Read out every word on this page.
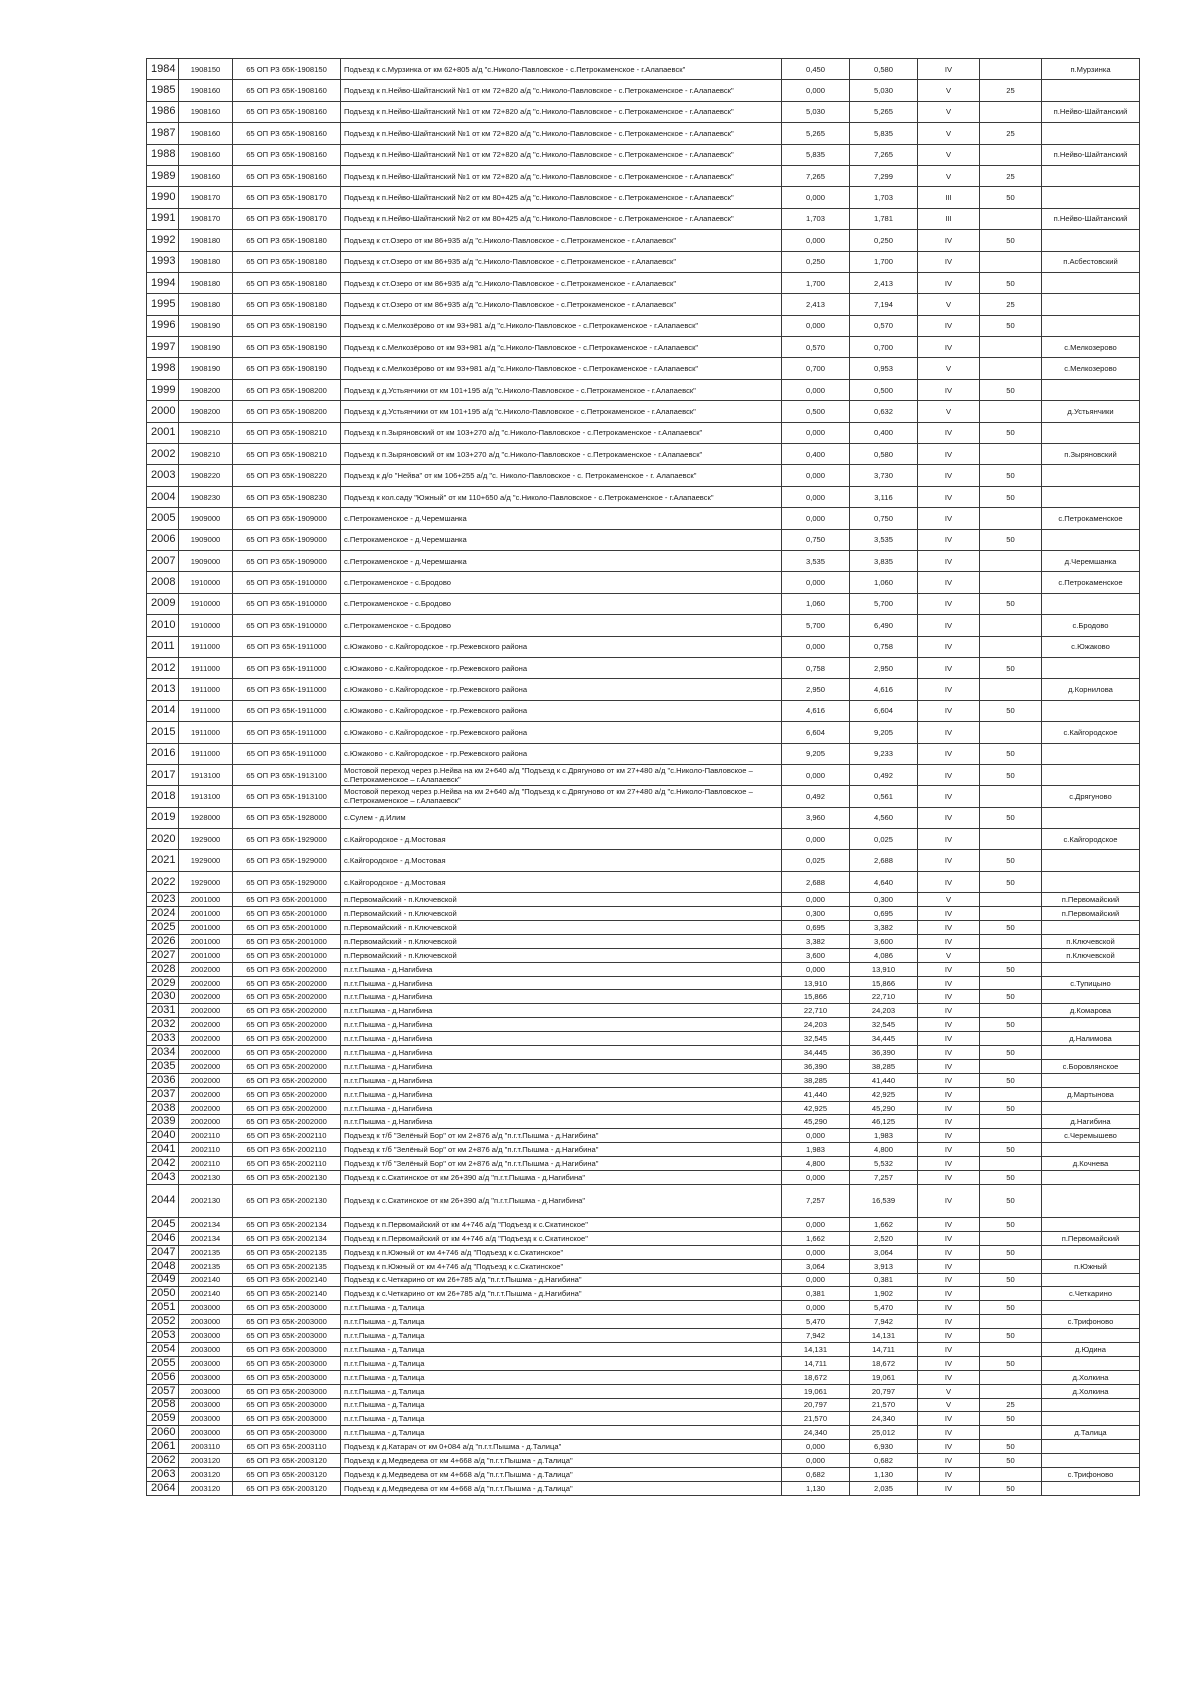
1984	1908150	65 ОП РЗ 65К-1908150	Подъезд к с.Мурзинка от км 62+805 а/д "с.Николо-Павловское - с.Петрокаменское - г.Алапаевск"	0,450	0,580	IV		п.Мурзинка
1985	1908160	65 ОП РЗ 65К-1908160	Подъезд к п.Нейво-Шайтанский №1 от км 72+820 а/д "с.Николо-Павловское - с.Петрокаменское - г.Алапаевск"	0,000	5,030	V	25	
1986	1908160	65 ОП РЗ 65К-1908160	Подъезд к п.Нейво-Шайтанский №1 от км 72+820 а/д "с.Николо-Павловское - с.Петрокаменское - г.Алапаевск"	5,030	5,265	V		п.Нейво-Шайтанский
1987	1908160	65 ОП РЗ 65К-1908160	Подъезд к п.Нейво-Шайтанский №1 от км 72+820 а/д "с.Николо-Павловское - с.Петрокаменское - г.Алапаевск"	5,265	5,835	V	25	
1988	1908160	65 ОП РЗ 65К-1908160	Подъезд к п.Нейво-Шайтанский №1 от км 72+820 а/д "с.Николо-Павловское - с.Петрокаменское - г.Алапаевск"	5,835	7,265	V		п.Нейво-Шайтанский
1989	1908160	65 ОП РЗ 65К-1908160	Подъезд к п.Нейво-Шайтанский №1 от км 72+820 а/д "с.Николо-Павловское - с.Петрокаменское - г.Алапаевск"	7,265	7,299	V	25	
1990	1908170	65 ОП РЗ 65К-1908170	Подъезд к п.Нейво-Шайтанский №2 от км 80+425 а/д "с.Николо-Павловское - с.Петрокаменское - г.Алапаевск"	0,000	1,703	III	50	
1991	1908170	65 ОП РЗ 65К-1908170	Подъезд к п.Нейво-Шайтанский №2 от км 80+425 а/д "с.Николо-Павловское - с.Петрокаменское - г.Алапаевск"	1,703	1,781	III		п.Нейво-Шайтанский
1992	1908180	65 ОП РЗ 65К-1908180	Подъезд к ст.Озеро от км 86+935 а/д "с.Николо-Павловское - с.Петрокаменское - г.Алапаевск"	0,000	0,250	IV	50	
1993	1908180	65 ОП РЗ 65К-1908180	Подъезд к ст.Озеро от км 86+935 а/д "с.Николо-Павловское - с.Петрокаменское - г.Алапаевск"	0,250	1,700	IV		п.Асбестовский
1994	1908180	65 ОП РЗ 65К-1908180	Подъезд к ст.Озеро от км 86+935 а/д "с.Николо-Павловское - с.Петрокаменское - г.Алапаевск"	1,700	2,413	IV	50	
1995	1908180	65 ОП РЗ 65К-1908180	Подъезд к ст.Озеро от км 86+935 а/д "с.Николо-Павловское - с.Петрокаменское - г.Алапаевск"	2,413	7,194	V	25	
1996	1908190	65 ОП РЗ 65К-1908190	Подъезд к с.Мелкозёрово от км 93+981 а/д "с.Николо-Павловское - с.Петрокаменское - г.Алапаевск"	0,000	0,570	IV	50	
1997	1908190	65 ОП РЗ 65К-1908190	Подъезд к с.Мелкозёрово от км 93+981 а/д "с.Николо-Павловское - с.Петрокаменское - г.Алапаевск"	0,570	0,700	IV		с.Мелкозерово
1998	1908190	65 ОП РЗ 65К-1908190	Подъезд к с.Мелкозёрово от км 93+981 а/д "с.Николо-Павловское - с.Петрокаменское - г.Алапаевск"	0,700	0,953	V		с.Мелкозерово
1999	1908200	65 ОП РЗ 65К-1908200	Подъезд к д.Устьянчики от км 101+195 а/д "с.Николо-Павловское - с.Петрокаменское - г.Алапаевск"	0,000	0,500	IV	50	
2000	1908200	65 ОП РЗ 65К-1908200	Подъезд к д.Устьянчики от км 101+195 а/д "с.Николо-Павловское - с.Петрокаменское - г.Алапаевск"	0,500	0,632	V		д.Устьянчики
2001	1908210	65 ОП РЗ 65К-1908210	Подъезд к п.Зыряновский от км 103+270 а/д "с.Николо-Павловское - с.Петрокаменское - г.Алапаевск"	0,000	0,400	IV	50	
2002	1908210	65 ОП РЗ 65К-1908210	Подъезд к п.Зыряновский от км 103+270 а/д "с.Николо-Павловское - с.Петрокаменское - г.Алапаевск"	0,400	0,580	IV		п.Зыряновский
2003	1908220	65 ОП РЗ 65К-1908220	Подъезд к д/о "Нейва" от км 106+255 а/д "с. Николо-Павловское - с. Петрокаменское - г. Алапаевск"	0,000	3,730	IV	50	
2004	1908230	65 ОП РЗ 65К-1908230	Подъезд к кол.саду "Южный" от км 110+650 а/д "с.Николо-Павловское - с.Петрокаменское - г.Алапаевск"	0,000	3,116	IV	50	
2005	1909000	65 ОП РЗ 65К-1909000	с.Петрокаменское - д.Черемшанка	0,000	0,750	IV		с.Петрокаменское
2006	1909000	65 ОП РЗ 65К-1909000	с.Петрокаменское - д.Черемшанка	0,750	3,535	IV	50	
2007	1909000	65 ОП РЗ 65К-1909000	с.Петрокаменское - д.Черемшанка	3,535	3,835	IV		д.Черемшанка
2008	1910000	65 ОП РЗ 65К-1910000	с.Петрокаменское - с.Бродово	0,000	1,060	IV		с.Петрокаменское
2009	1910000	65 ОП РЗ 65К-1910000	с.Петрокаменское - с.Бродово	1,060	5,700	IV	50	
2010	1910000	65 ОП РЗ 65К-1910000	с.Петрокаменское - с.Бродово	5,700	6,490	IV		с.Бродово
2011	1911000	65 ОП РЗ 65К-1911000	с.Южаково - с.Кайгородское - гр.Режевского района	0,000	0,758	IV		с.Южаково
2012	1911000	65 ОП РЗ 65К-1911000	с.Южаково - с.Кайгородское - гр.Режевского района	0,758	2,950	IV	50	
2013	1911000	65 ОП РЗ 65К-1911000	с.Южаково - с.Кайгородское - гр.Режевского района	2,950	4,616	IV		д.Корнилова
2014	1911000	65 ОП РЗ 65К-1911000	с.Южаково - с.Кайгородское - гр.Режевского района	4,616	6,604	IV	50	
2015	1911000	65 ОП РЗ 65К-1911000	с.Южаково - с.Кайгородское - гр.Режевского района	6,604	9,205	IV		с.Кайгородское
2016	1911000	65 ОП РЗ 65К-1911000	с.Южаково - с.Кайгородское - гр.Режевского района	9,205	9,233	IV	50	
2017	1913100	65 ОП РЗ 65К-1913100	Мостовой переход через р.Нейва на км 2+640 а/д "Подъезд к с.Дрягуново от км 27+480 а/д "с.Николо-Павловское – с.Петрокаменское – г.Алапаевск"	0,000	0,492	IV	50	
2018	1913100	65 ОП РЗ 65К-1913100	Мостовой переход через р.Нейва на км 2+640 а/д "Подъезд к с.Дрягуново от км 27+480 а/д "с.Николо-Павловское – с.Петрокаменское – г.Алапаевск"	0,492	0,561	IV		с.Дрягуново
2019	1928000	65 ОП РЗ 65К-1928000	с.Сулем - д.Илим	3,960	4,560	IV	50	
2020	1929000	65 ОП РЗ 65К-1929000	с.Кайгородское - д.Мостовая	0,000	0,025	IV		с.Кайгородское
2021	1929000	65 ОП РЗ 65К-1929000	с.Кайгородское - д.Мостовая	0,025	2,688	IV	50	
2022	1929000	65 ОП РЗ 65К-1929000	с.Кайгородское - д.Мостовая	2,688	4,640	IV	50	
2023	2001000	65 ОП РЗ 65К-2001000	п.Первомайский - п.Ключевской	0,000	0,300	V		п.Первомайский
2024	2001000	65 ОП РЗ 65К-2001000	п.Первомайский - п.Ключевской	0,300	0,695	IV		п.Первомайский
2025	2001000	65 ОП РЗ 65К-2001000	п.Первомайский - п.Ключевской	0,695	3,382	IV	50	
2026	2001000	65 ОП РЗ 65К-2001000	п.Первомайский - п.Ключевской	3,382	3,600	IV		п.Ключевской
2027	2001000	65 ОП РЗ 65К-2001000	п.Первомайский - п.Ключевской	3,600	4,086	V		п.Ключевской
2028	2002000	65 ОП РЗ 65К-2002000	п.г.т.Пышма - д.Нагибина	0,000	13,910	IV	50	
2029	2002000	65 ОП РЗ 65К-2002000	п.г.т.Пышма - д.Нагибина	13,910	15,866	IV		с.Тупицыно
2030	2002000	65 ОП РЗ 65К-2002000	п.г.т.Пышма - д.Нагибина	15,866	22,710	IV	50	
2031	2002000	65 ОП РЗ 65К-2002000	п.г.т.Пышма - д.Нагибина	22,710	24,203	IV		д.Комарова
2032	2002000	65 ОП РЗ 65К-2002000	п.г.т.Пышма - д.Нагибина	24,203	32,545	IV	50	
2033	2002000	65 ОП РЗ 65К-2002000	п.г.т.Пышма - д.Нагибина	32,545	34,445	IV		д.Налимова
2034	2002000	65 ОП РЗ 65К-2002000	п.г.т.Пышма - д.Нагибина	34,445	36,390	IV	50	
2035	2002000	65 ОП РЗ 65К-2002000	п.г.т.Пышма - д.Нагибина	36,390	38,285	IV		с.Боровлянское
2036	2002000	65 ОП РЗ 65К-2002000	п.г.т.Пышма - д.Нагибина	38,285	41,440	IV	50	
2037	2002000	65 ОП РЗ 65К-2002000	п.г.т.Пышма - д.Нагибина	41,440	42,925	IV		д.Мартынова
2038	2002000	65 ОП РЗ 65К-2002000	п.г.т.Пышма - д.Нагибина	42,925	45,290	IV	50	
2039	2002000	65 ОП РЗ 65К-2002000	п.г.т.Пышма - д.Нагибина	45,290	46,125	IV		д.Нагибина
2040	2002110	65 ОП РЗ 65К-2002110	Подъезд к т/б "Зелёный Бор" от км 2+876 а/д "п.г.т.Пышма - д.Нагибина"	0,000	1,983	IV		с.Черемышево
2041	2002110	65 ОП РЗ 65К-2002110	Подъезд к т/б "Зелёный Бор" от км 2+876 а/д "п.г.т.Пышма - д.Нагибина"	1,983	4,800	IV	50	
2042	2002110	65 ОП РЗ 65К-2002110	Подъезд к т/б "Зелёный Бор" от км 2+876 а/д "п.г.т.Пышма - д.Нагибина"	4,800	5,532	IV		д.Кочнева
2043	2002130	65 ОП РЗ 65К-2002130	Подъезд к с.Скатинское от км 26+390 а/д "п.г.т.Пышма - д.Нагибина"	0,000	7,257	IV	50	
2044	2002130	65 ОП РЗ 65К-2002130	Подъезд к с.Скатинское от км 26+390 а/д "п.г.т.Пышма - д.Нагибина"	7,257	16,539	IV	50	
2045	2002134	65 ОП РЗ 65К-2002134	Подъезд к п.Первомайский от км 4+746 а/д "Подъезд к с.Скатинское"	0,000	1,662	IV	50	
2046	2002134	65 ОП РЗ 65К-2002134	Подъезд к п.Первомайский от км 4+746 а/д "Подъезд к с.Скатинское"	1,662	2,520	IV		п.Первомайский
2047	2002135	65 ОП РЗ 65К-2002135	Подъезд к п.Южный от км 4+746 а/д "Подъезд к с.Скатинское"	0,000	3,064	IV	50	
2048	2002135	65 ОП РЗ 65К-2002135	Подъезд к п.Южный от км 4+746 а/д "Подъезд к с.Скатинское"	3,064	3,913	IV		п.Южный
2049	2002140	65 ОП РЗ 65К-2002140	Подъезд к с.Четкарино от км 26+785 а/д "п.г.т.Пышма - д.Нагибина"	0,000	0,381	IV	50	
2050	2002140	65 ОП РЗ 65К-2002140	Подъезд к с.Четкарино от км 26+785 а/д "п.г.т.Пышма - д.Нагибина"	0,381	1,902	IV		с.Четкарино
2051	2003000	65 ОП РЗ 65К-2003000	п.г.т.Пышма - д.Талица	0,000	5,470	IV	50	
2052	2003000	65 ОП РЗ 65К-2003000	п.г.т.Пышма - д.Талица	5,470	7,942	IV		с.Трифоново
2053	2003000	65 ОП РЗ 65К-2003000	п.г.т.Пышма - д.Талица	7,942	14,131	IV	50	
2054	2003000	65 ОП РЗ 65К-2003000	п.г.т.Пышма - д.Талица	14,131	14,711	IV		д.Юдина
2055	2003000	65 ОП РЗ 65К-2003000	п.г.т.Пышма - д.Талица	14,711	18,672	IV	50	
2056	2003000	65 ОП РЗ 65К-2003000	п.г.т.Пышма - д.Талица	18,672	19,061	IV		д.Холкина
2057	2003000	65 ОП РЗ 65К-2003000	п.г.т.Пышма - д.Талица	19,061	20,797	V		д.Холкина
2058	2003000	65 ОП РЗ 65К-2003000	п.г.т.Пышма - д.Талица	20,797	21,570	V	25	
2059	2003000	65 ОП РЗ 65К-2003000	п.г.т.Пышма - д.Талица	21,570	24,340	IV	50	
2060	2003000	65 ОП РЗ 65К-2003000	п.г.т.Пышма - д.Талица	24,340	25,012	IV		д.Талица
2061	2003110	65 ОП РЗ 65К-2003110	Подъезд к д.Катарач от км 0+084 а/д "п.г.т.Пышма - д.Талица"	0,000	6,930	IV	50	
2062	2003120	65 ОП РЗ 65К-2003120	Подъезд к д.Медведева от км 4+668 а/д "п.г.т.Пышма - д.Талица"	0,000	0,682	IV	50	
2063	2003120	65 ОП РЗ 65К-2003120	Подъезд к д.Медведева от км 4+668 а/д "п.г.т.Пышма - д.Талица"	0,682	1,130	IV		с.Трифоново
2064	2003120	65 ОП РЗ 65К-2003120	Подъезд к д.Медведева от км 4+668 а/д "п.г.т.Пышма - д.Талица"	1,130	2,035	IV	50	
